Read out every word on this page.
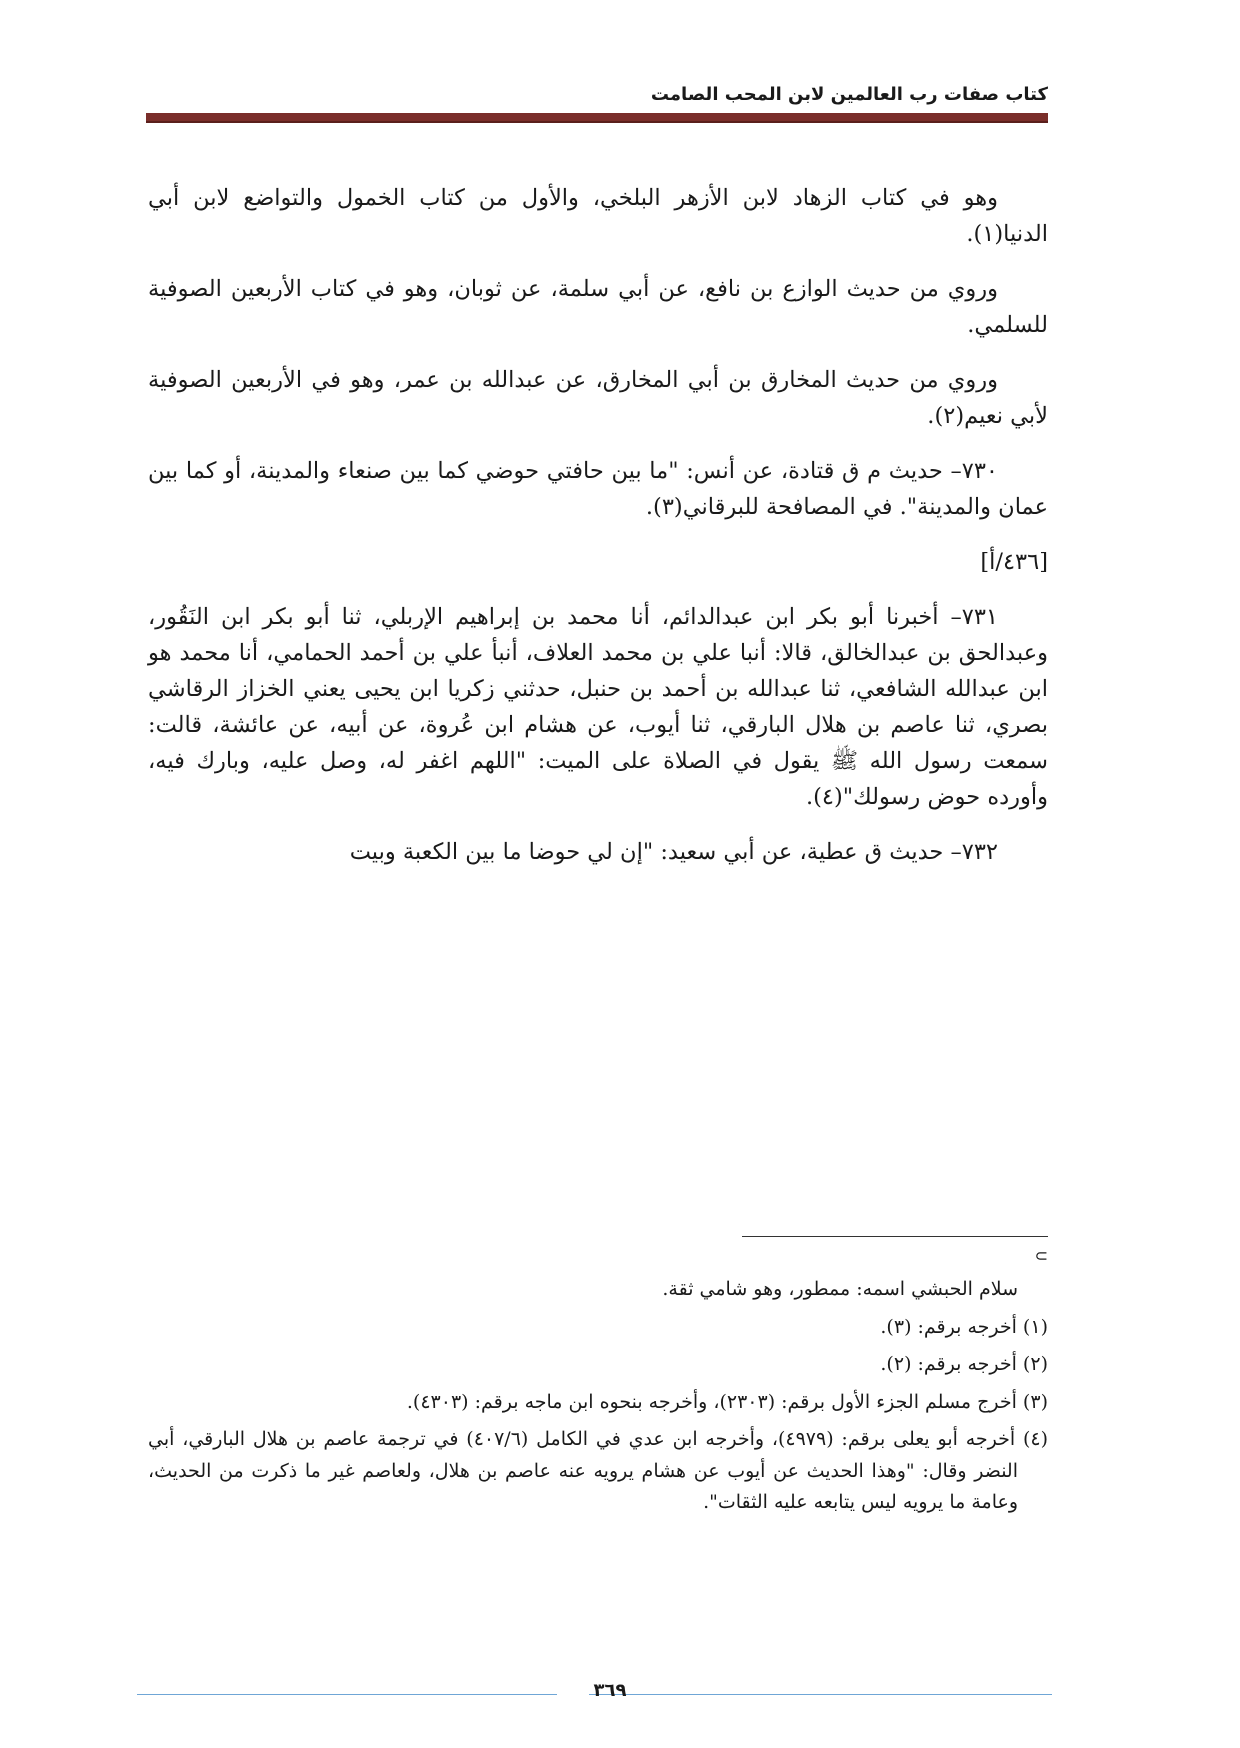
كتاب صفات رب العالمين لابن المحب الصامت

وهو في كتاب الزهاد لابن الأزهر البلخي، والأول من كتاب الخمول والتواضع لابن أبي الدنيا(١).

وروي من حديث الوازع بن نافع، عن أبي سلمة، عن ثوبان، وهو في كتاب الأربعين الصوفية للسلمي.

وروي من حديث المخارق بن أبي المخارق، عن عبدالله بن عمر، وهو في الأربعين الصوفية لأبي نعيم(٢).

٧٣٠– حديث م ق قتادة، عن أنس: "ما بين حافتي حوضي كما بين صنعاء والمدينة، أو كما بين عمان والمدينة". في المصافحة للبرقاني(٣).

[٤٣٦/أ]

٧٣١– أخبرنا أبو بكر ابن عبدالدائم، أنا محمد بن إبراهيم الإربلي، ثنا أبو بكر ابن النَقُور، وعبدالحق بن عبدالخالق، قالا: أنبا علي بن محمد العلاف، أنبأ علي بن أحمد الحمامي، أنا محمد هو ابن عبدالله الشافعي، ثنا عبدالله بن أحمد بن حنبل، حدثني زكريا ابن يحيى يعني الخزاز الرقاشي بصري، ثنا عاصم بن هلال البارقي، ثنا أيوب، عن هشام ابن عُروة، عن أبيه، عن عائشة، قالت: سمعت رسول الله ﷺ يقول في الصلاة على الميت: "اللهم اغفر له، وصل عليه، وبارك فيه، وأورده حوض رسولك"(٤).

٧٣٢– حديث ق عطية، عن أبي سعيد: "إن لي حوضا ما بين الكعبة وبيت

⊃

سلام الحبشي اسمه: ممطور، وهو شامي ثقة.

(١) أخرجه برقم: (٣).

(٢) أخرجه برقم: (٢).

(٣) أخرج مسلم الجزء الأول برقم: (٢٣٠٣)، وأخرجه بنحوه ابن ماجه برقم: (٤٣٠٣).

(٤) أخرجه أبو يعلى برقم: (٤٩٧٩)، وأخرجه ابن عدي في الكامل (٤٠٧/٦) في ترجمة عاصم بن هلال البارقي، أبي النضر وقال: "وهذا الحديث عن أيوب عن هشام يرويه عنه عاصم بن هلال، ولعاصم غير ما ذكرت من الحديث، وعامة ما يرويه ليس يتابعه عليه الثقات".

٣٦٩
